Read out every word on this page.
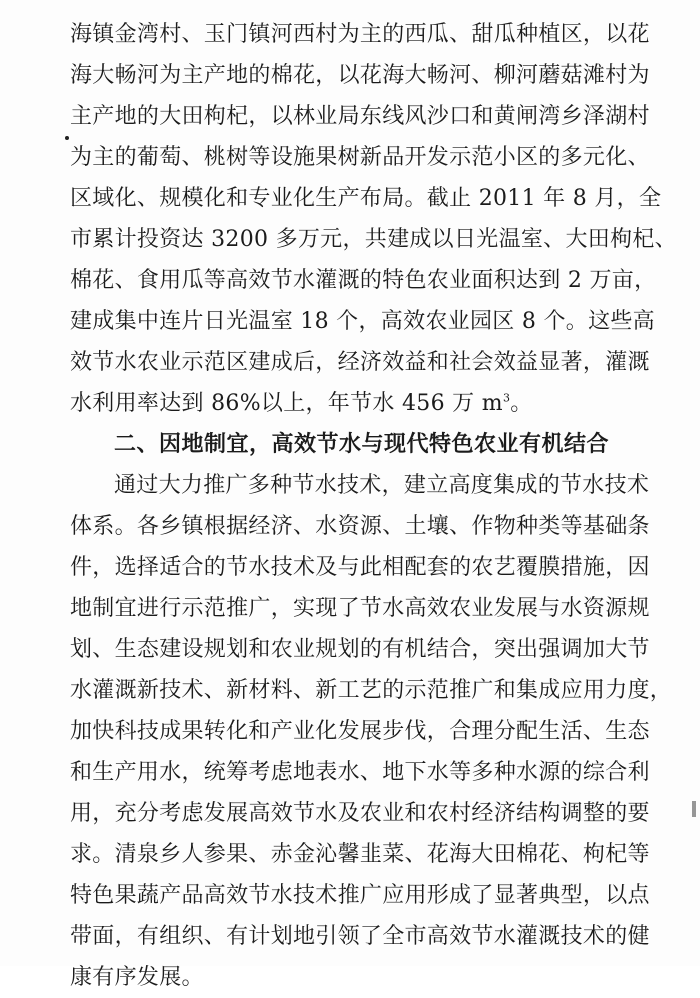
海镇金湾村、玉门镇河西村为主的西瓜、甜瓜种植区，以花
海大畅河为主产地的棉花，以花海大畅河、柳河蘑菇滩村为
主产地的大田枸杞，以林业局东线风沙口和黄闸湾乡泽湖村
为主的葡萄、桃树等设施果树新品开发示范小区的多元化、
区域化、规模化和专业化生产布局。截止 2011 年 8 月，全
市累计投资达 3200 多万元，共建成以日光温室、大田枸杞、
棉花、食用瓜等高效节水灌溉的特色农业面积达到 2 万亩，
建成集中连片日光温室 18 个，高效农业园区 8 个。这些高
效节水农业示范区建成后，经济效益和社会效益显著，灌溉
水利用率达到 86%以上，年节水 456 万 $m^3$。
二、因地制宜，高效节水与现代特色农业有机结合
通过大力推广多种节水技术，建立高度集成的节水技术
体系。各乡镇根据经济、水资源、土壤、作物种类等基础条
件，选择适合的节水技术及与此相配套的农艺覆膜措施，因
地制宜进行示范推广，实现了节水高效农业发展与水资源规
划、生态建设规划和农业规划的有机结合，突出强调加大节
水灌溉新技术、新材料、新工艺的示范推广和集成应用力度，
加快科技成果转化和产业化发展步伐，合理分配生活、生态
和生产用水，统筹考虑地表水、地下水等多种水源的综合利
用，充分考虑发展高效节水及农业和农村经济结构调整的要
求。清泉乡人参果、赤金沁馨韭菜、花海大田棉花、枸杞等
特色果蔬产品高效节水技术推广应用形成了显著典型，以点
带面，有组织、有计划地引领了全市高效节水灌溉技术的健
康有序发展。
